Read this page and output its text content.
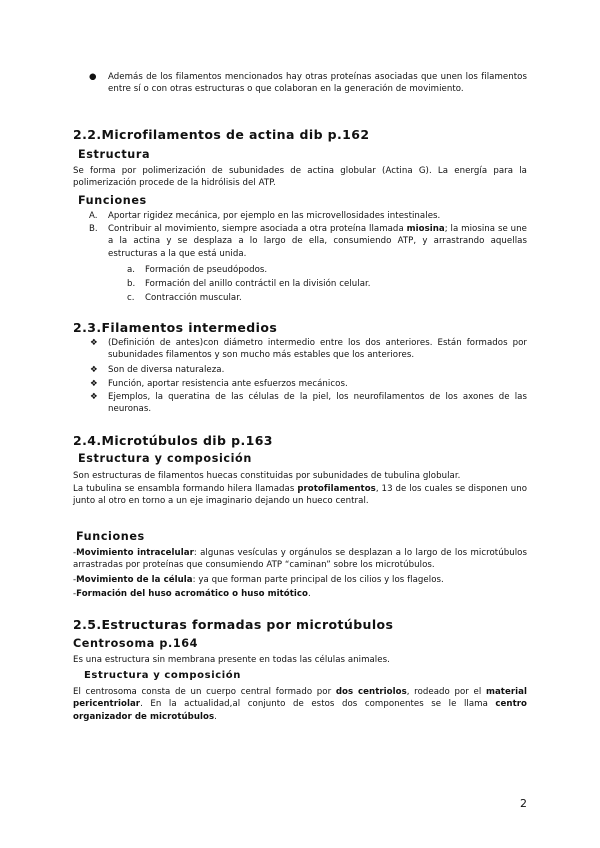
● Además de los filamentos mencionados hay otras proteínas asociadas que unen los filamentos entre sí o con otras estructuras o que colaboran en la generación de movimiento.
2.2.Microfilamentos de actina dib p.162
Estructura
Se forma por polimerización de subunidades de actina globular (Actina G). La energía para la polimerización procede de la hidrólisis del ATP.
Funciones
A. Aportar rigidez mecánica, por ejemplo en las microvellosidades intestinales.
B. Contribuir al movimiento, siempre asociada a otra proteína llamada miosina; la miosina se une a la actina y se desplaza a lo largo de ella, consumiendo ATP, y arrastrando aquellas estructuras a la que está unida.
a. Formación de pseudópodos.
b. Formación del anillo contráctil en la división celular.
c. Contracción muscular.
2.3.Filamentos intermedios
❖ (Definición de antes)con diámetro intermedio entre los dos anteriores. Están formados por subunidades filamentos y son mucho más estables que los anteriores.
❖ Son de diversa naturaleza.
❖ Función, aportar resistencia ante esfuerzos mecánicos.
❖ Ejemplos, la queratina de las células de la piel, los neurofilamentos de los axones de las neuronas.
2.4.Microtúbulos dib p.163
Estructura y composición
Son estructuras de filamentos huecas constituidas por subunidades de tubulina globular.
La tubulina se ensambla formando hilera llamadas protofilamentos, 13 de los cuales se disponen uno junto al otro en torno a un eje imaginario dejando un hueco central.
Funciones
-Movimiento intracelular: algunas vesículas y orgánulos se desplazan a lo largo de los microtúbulos arrastradas por proteínas que consumiendo ATP “caminan” sobre los microtúbulos.
-Movimiento de la célula: ya que forman parte principal de los cilios y los flagelos.
-Formación del huso acromático o huso mitótico.
2.5.Estructuras formadas por microtúbulos
Centrosoma p.164
Es una estructura sin membrana presente en todas las células animales.
Estructura y composición
El centrosoma consta de un cuerpo central formado por dos centriolos, rodeado por el material pericentriolar. En la actualidad,al conjunto de estos dos componentes se le llama centro organizador de microtúbulos.
2
